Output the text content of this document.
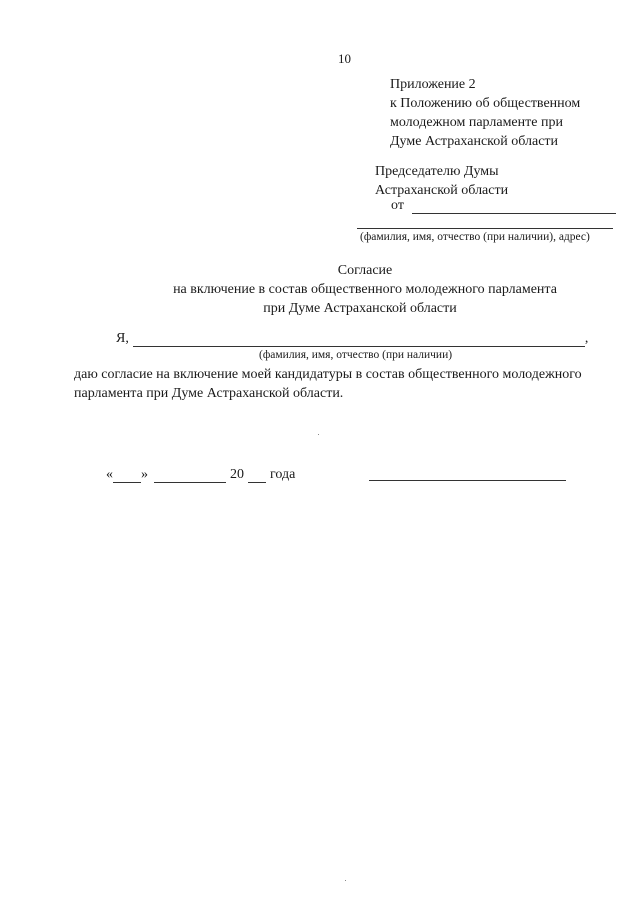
10
Приложение 2
к Положению об общественном
молодежном парламенте при
Думе Астраханской области
Председателю Думы
Астраханской области
от
(фамилия, имя, отчество (при наличии), адрес)
Согласие
на включение в состав общественного молодежного парламента
при Думе Астраханской области
Я,	,
(фамилия, имя, отчество (при наличии)
даю согласие на включение моей кандидатуры в состав общественного молодежного
парламента при Думе Астраханской области.
« »	20 года
